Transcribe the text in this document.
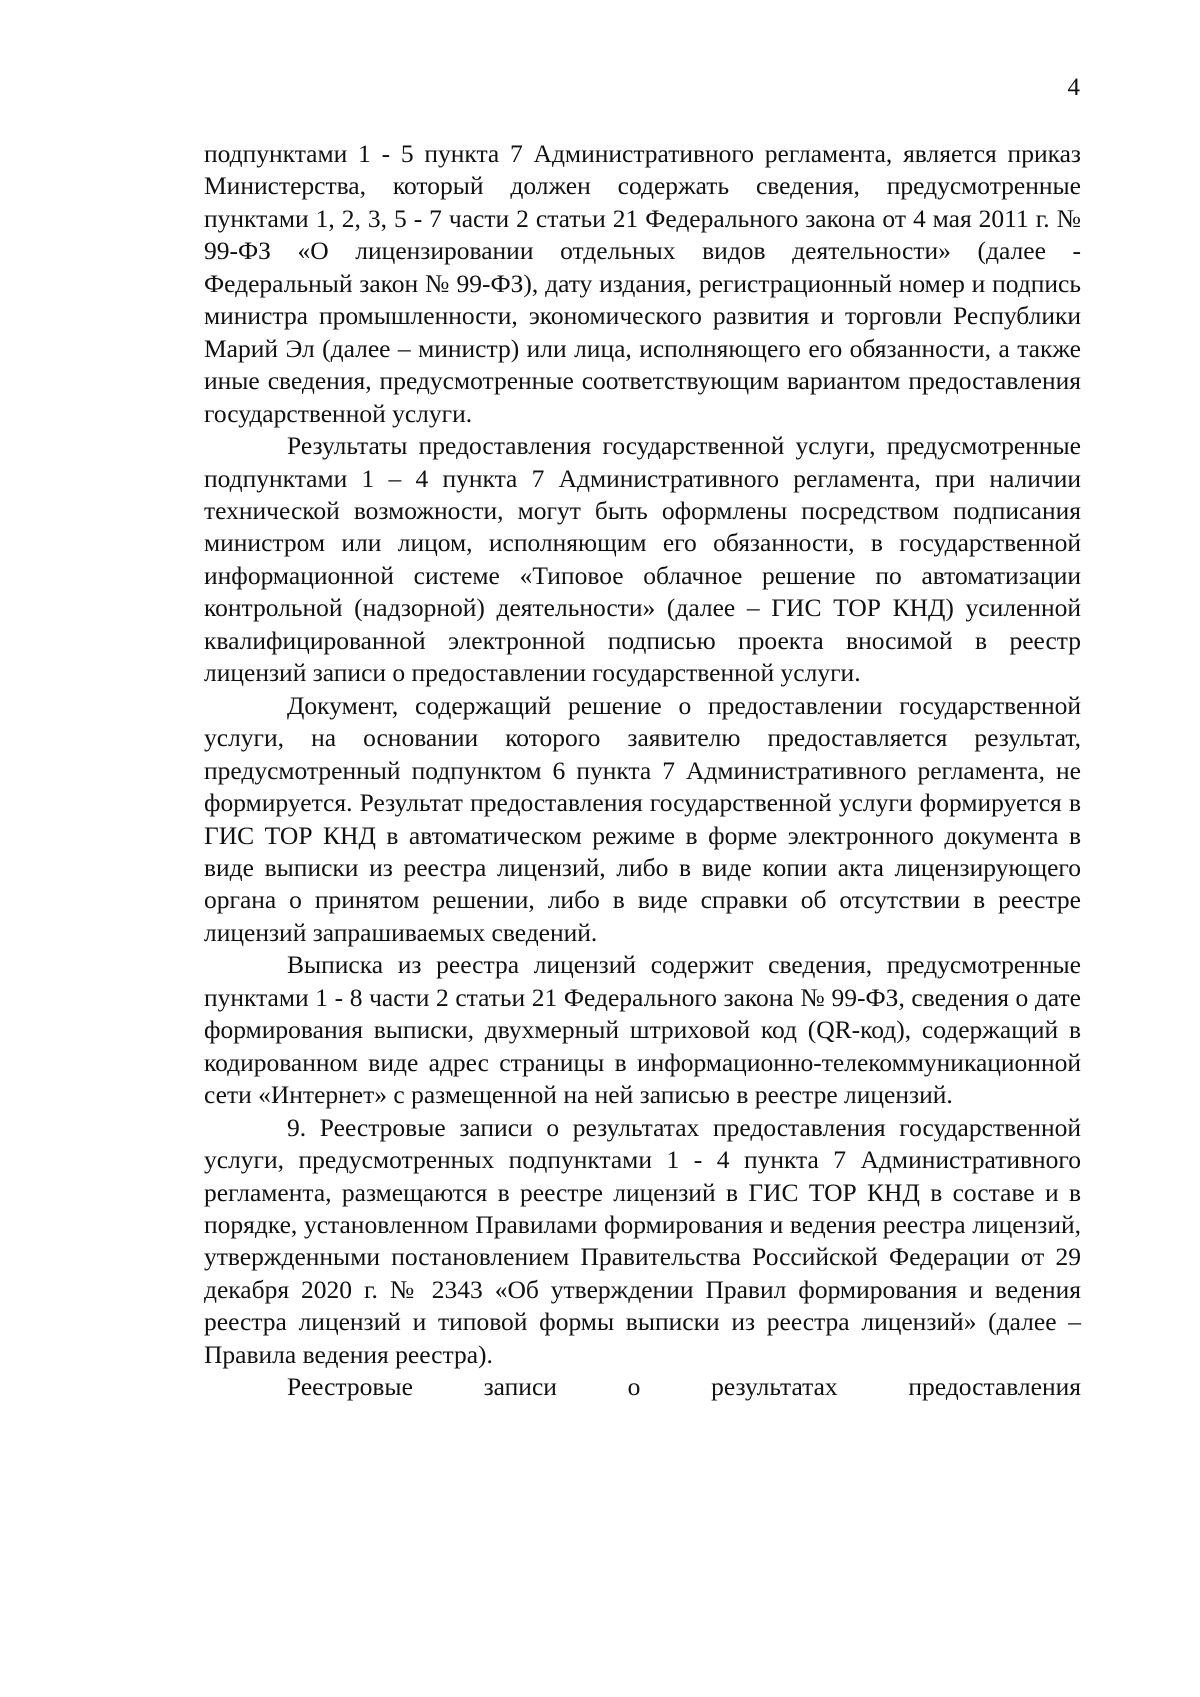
4

подпунктами 1 - 5 пункта 7 Административного регламента, является приказ Министерства, который должен содержать сведения, предусмотренные пунктами 1, 2, 3, 5 - 7 части 2 статьи 21 Федерального закона от 4 мая 2011 г. № 99-ФЗ «О лицензировании отдельных видов деятельности» (далее - Федеральный закон № 99-ФЗ), дату издания, регистрационный номер и подпись министра промышленности, экономического развития и торговли Республики Марий Эл (далее – министр) или лица, исполняющего его обязанности, а также иные сведения, предусмотренные соответствующим вариантом предоставления государственной услуги.

Результаты предоставления государственной услуги, предусмотренные подпунктами 1 – 4 пункта 7 Административного регламента, при наличии технической возможности, могут быть оформлены посредством подписания министром или лицом, исполняющим его обязанности, в государственной информационной системе «Типовое облачное решение по автоматизации контрольной (надзорной) деятельности» (далее – ГИС ТОР КНД) усиленной квалифицированной электронной подписью проекта вносимой в реестр лицензий записи о предоставлении государственной услуги.

Документ, содержащий решение о предоставлении государственной услуги, на основании которого заявителю предоставляется результат, предусмотренный подпунктом 6 пункта 7 Административного регламента, не формируется. Результат предоставления государственной услуги формируется в ГИС ТОР КНД в автоматическом режиме в форме электронного документа в виде выписки из реестра лицензий, либо в виде копии акта лицензирующего органа о принятом решении, либо в виде справки об отсутствии в реестре лицензий запрашиваемых сведений.

Выписка из реестра лицензий содержит сведения, предусмотренные пунктами 1 - 8 части 2 статьи 21 Федерального закона № 99-ФЗ, сведения о дате формирования выписки, двухмерный штриховой код (QR-код), содержащий в кодированном виде адрес страницы в информационно-телекоммуникационной сети «Интернет» с размещенной на ней записью в реестре лицензий.

9. Реестровые записи о результатах предоставления государственной услуги, предусмотренных подпунктами 1 - 4 пункта 7 Административного регламента, размещаются в реестре лицензий в ГИС ТОР КНД в составе и в порядке, установленном Правилами формирования и ведения реестра лицензий, утвержденными постановлением Правительства Российской Федерации от 29 декабря 2020 г. № 2343 «Об утверждении Правил формирования и ведения реестра лицензий и типовой формы выписки из реестра лицензий» (далее – Правила ведения реестра).

Реестровые записи о результатах предоставления
